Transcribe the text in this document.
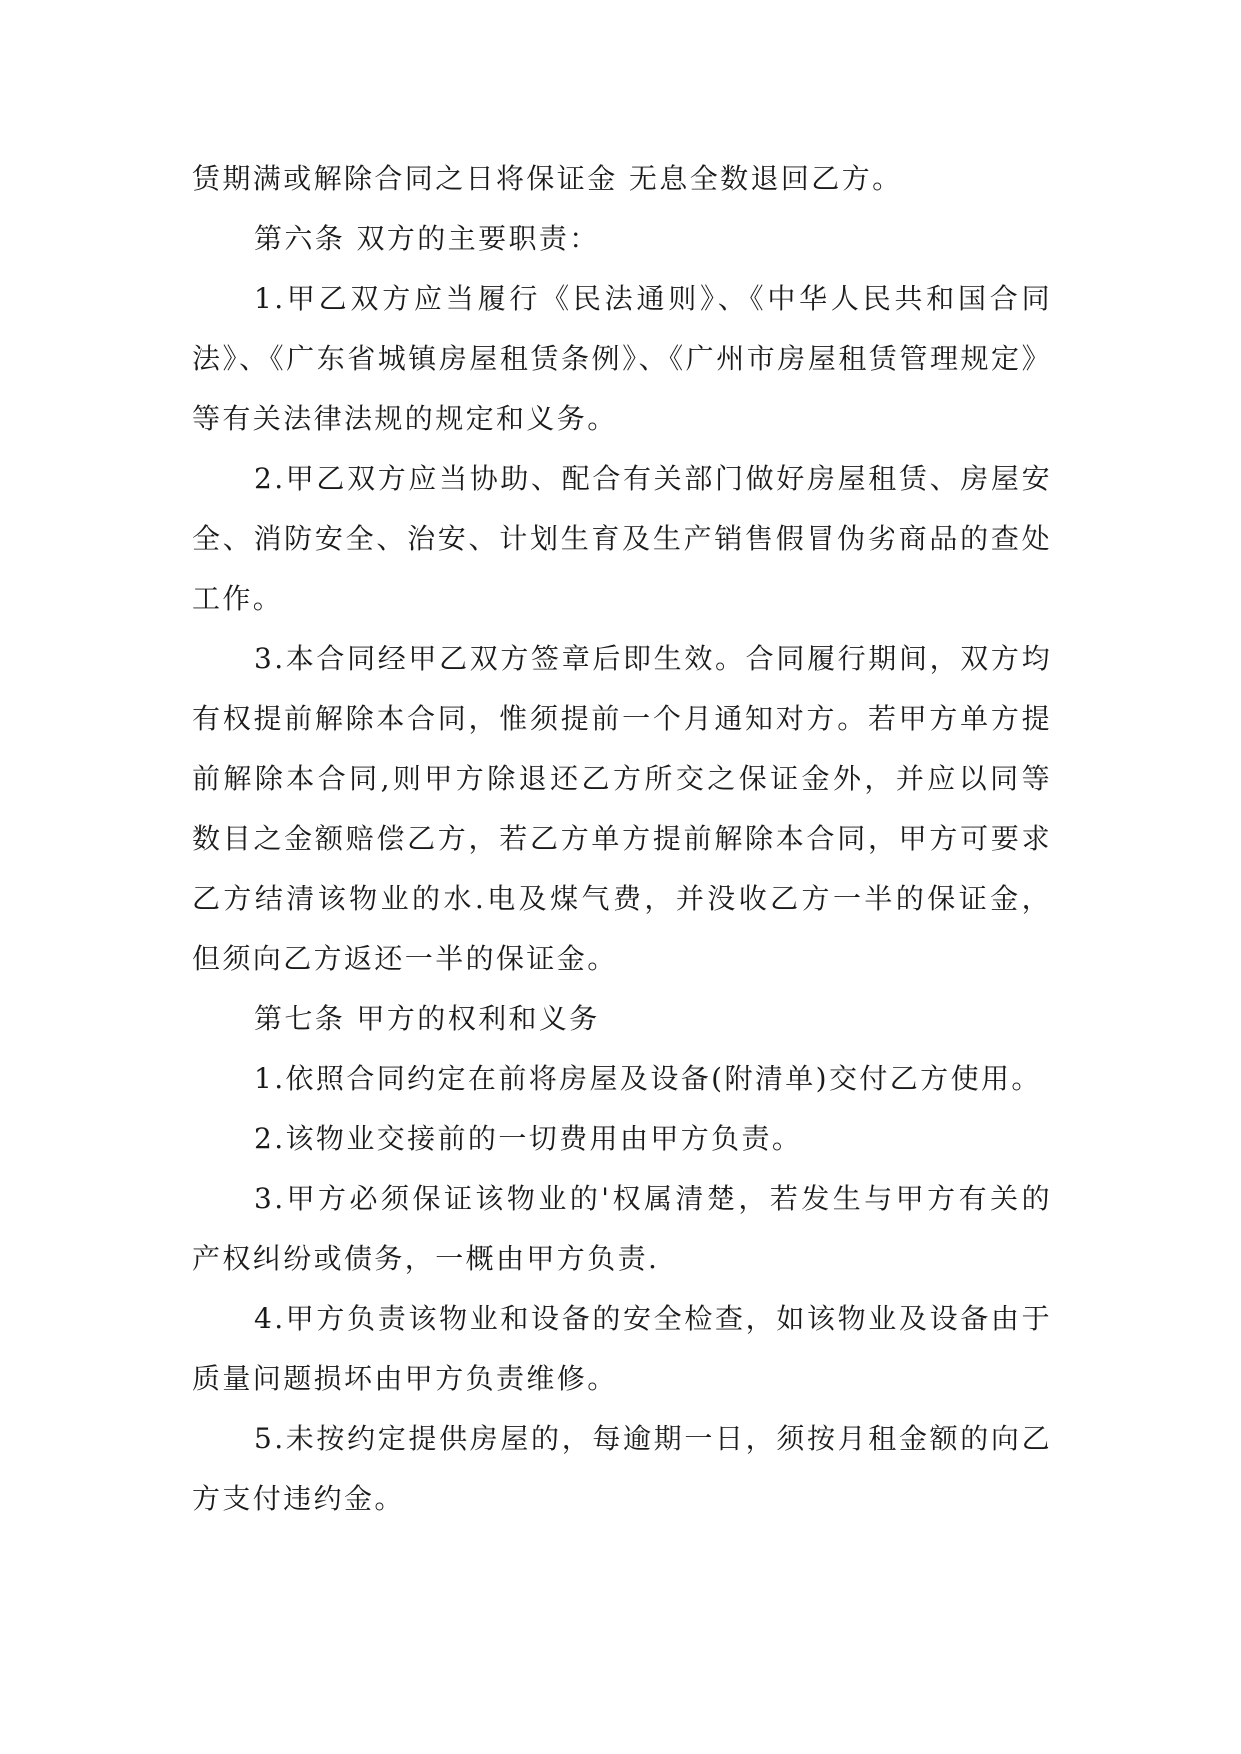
赁期满或解除合同之日将保证金 无息全数退回乙方。

第六条 双方的主要职责：

1.甲乙双方应当履行《民法通则》、《中华人民共和国合同法》、《广东省城镇房屋租赁条例》、《广州市房屋租赁管理规定》等有关法律法规的规定和义务。

2.甲乙双方应当协助、配合有关部门做好房屋租赁、房屋安全、消防安全、治安、计划生育及生产销售假冒伪劣商品的查处工作。

3.本合同经甲乙双方签章后即生效。合同履行期间，双方均有权提前解除本合同，惟须提前一个月通知对方。若甲方单方提前解除本合同,则甲方除退还乙方所交之保证金外，并应以同等数目之金额赔偿乙方，若乙方单方提前解除本合同，甲方可要求乙方结清该物业的水.电及煤气费，并没收乙方一半的保证金，但须向乙方返还一半的保证金。

第七条 甲方的权利和义务

1.依照合同约定在前将房屋及设备(附清单)交付乙方使用。

2.该物业交接前的一切费用由甲方负责。

3.甲方必须保证该物业的'权属清楚，若发生与甲方有关的产权纠纷或债务，一概由甲方负责.

4.甲方负责该物业和设备的安全检查，如该物业及设备由于质量问题损坏由甲方负责维修。

5.未按约定提供房屋的，每逾期一日，须按月租金额的向乙方支付违约金。
